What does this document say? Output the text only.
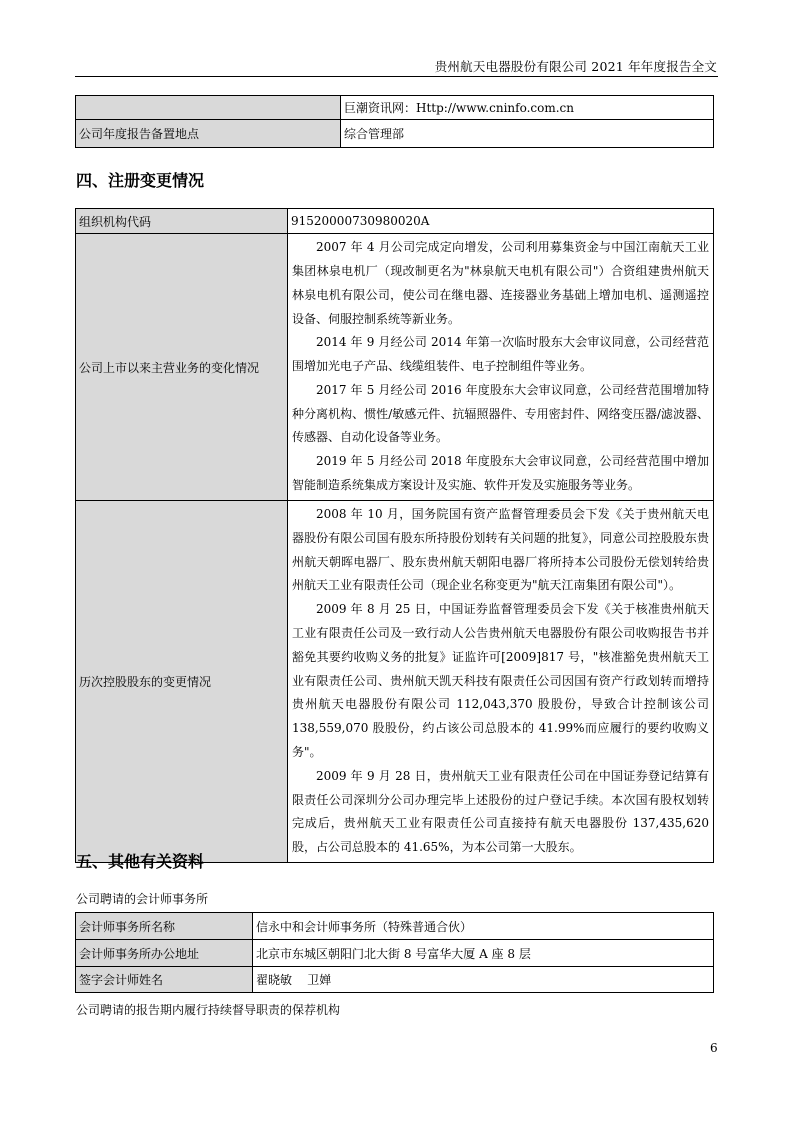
贵州航天电器股份有限公司 2021 年年度报告全文
	巨潮资讯网：Http://www.cninfo.com.cn
公司年度报告备置地点	综合管理部
四、注册变更情况
组织机构代码	91520000730980020A
公司上市以来主营业务的变化情况	2007 年 4 月公司完成定向增发，公司利用募集资金与中国江南航天工业集团林泉电机厂（现改制更名为"林泉航天电机有限公司"）合资组建贵州航天林泉电机有限公司，使公司在继电器、连接器业务基础上增加电机、遥测遥控设备、伺服控制系统等新业务。

2014 年 9 月经公司 2014 年第一次临时股东大会审议同意，公司经营范围增加光电子产品、线缆组装件、电子控制组件等业务。

2017 年 5 月经公司 2016 年度股东大会审议同意，公司经营范围增加特种分离机构、惯性/敏感元件、抗辐照器件、专用密封件、网络变压器/滤波器、传感器、自动化设备等业务。

2019 年 5 月经公司 2018 年度股东大会审议同意，公司经营范围中增加智能制造系统集成方案设计及实施、软件开发及实施服务等业务。

历次控股股东的变更情况	2008 年 10 月，国务院国有资产监督管理委员会下发《关于贵州航天电器股份有限公司国有股东所持股份划转有关问题的批复》，同意公司控股股东贵州航天朝晖电器厂、股东贵州航天朝阳电器厂将所持本公司股份无偿划转给贵州航天工业有限责任公司（现企业名称变更为"航天江南集团有限公司"）。

2009 年 8 月 25 日，中国证券监督管理委员会下发《关于核准贵州航天工业有限责任公司及一致行动人公告贵州航天电器股份有限公司收购报告书并豁免其要约收购义务的批复》证监许可[2009]817 号，"核准豁免贵州航天工业有限责任公司、贵州航天凯天科技有限责任公司因国有资产行政划转而增持贵州航天电器股份有限公司 112,043,370 股股份，导致合计控制该公司 138,559,070 股股份，约占该公司总股本的 41.99%而应履行的要约收购义务"。

2009 年 9 月 28 日，贵州航天工业有限责任公司在中国证券登记结算有限责任公司深圳分公司办理完毕上述股份的过户登记手续。本次国有股权划转完成后，贵州航天工业有限责任公司直接持有航天电器股份 137,435,620 股，占公司总股本的 41.65%，为本公司第一大股东。

五、其他有关资料
公司聘请的会计师事务所
会计师事务所名称	信永中和会计师事务所（特殊普通合伙）
会计师事务所办公地址	北京市东城区朝阳门北大街 8 号富华大厦 A 座 8 层
签字会计师姓名	翟晓敏    卫婵
公司聘请的报告期内履行持续督导职责的保荐机构
6
